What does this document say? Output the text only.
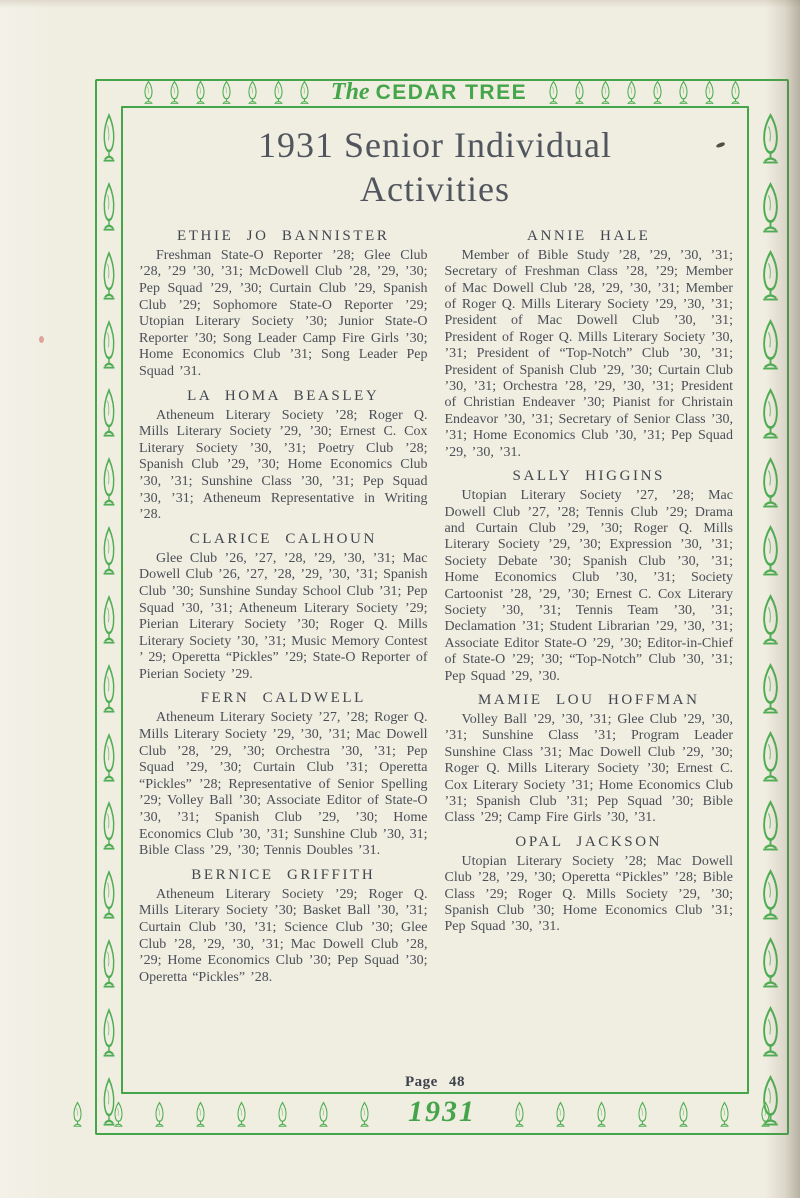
The CEDAR TREE
1931 Senior Individual
Activities
ETHIE JO BANNISTER

Freshman State-O Reporter ’28; Glee Club ’28, ’29 ’30, ’31; McDowell Club ’28, ’29, ’30; Pep Squad ’29, ’30; Curtain Club ’29, Spanish Club ’29; Sophomore State-O Reporter ’29; Utopian Literary Society ’30; Junior State-O Reporter ’30; Song Leader Camp Fire Girls ’30; Home Economics Club ’31; Song Leader Pep Squad ’31.

LA HOMA BEASLEY

Atheneum Literary Society ’28; Roger Q. Mills Literary Society ’29, ’30; Ernest C. Cox Literary Society ’30, ’31; Poetry Club ’28; Spanish Club ’29, ’30; Home Economics Club ’30, ’31; Sunshine Class ’30, ’31; Pep Squad ’30, ’31; Atheneum Representative in Writing ’28.

CLARICE CALHOUN

Glee Club ’26, ’27, ’28, ’29, ’30, ’31; Mac Dowell Club ’26, ’27, ’28, ’29, ’30, ’31; Spanish Club ’30; Sunshine Sunday School Club ’31; Pep Squad ’30, ’31; Atheneum Literary Society ’29; Pierian Literary Society ’30; Roger Q. Mills Literary Society ’30, ’31; Music Memory Contest ’ 29; Operetta “Pickles” ’29; State-O Reporter of Pierian Society ’29.

FERN CALDWELL

Atheneum Literary Society ’27, ’28; Roger Q. Mills Literary Society ’29, ’30, ’31; Mac Dowell Club ’28, ’29, ’30; Orchestra ’30, ’31; Pep Squad ’29, ’30; Curtain Club ’31; Operetta “Pickles” ’28; Representative of Senior Spelling ’29; Volley Ball ’30; Associate Editor of State-O ’30, ’31; Spanish Club ’29, ’30; Home Economics Club ’30, ’31; Sunshine Club ’30, 31; Bible Class ’29, ’30; Tennis Doubles ’31.

BERNICE GRIFFITH

Atheneum Literary Society ’29; Roger Q. Mills Literary Society ’30; Basket Ball ’30, ’31; Curtain Club ’30, ’31; Science Club ’30; Glee Club ’28, ’29, ’30, ’31; Mac Dowell Club ’28, ’29; Home Economics Club ’30; Pep Squad ’30; Operetta “Pickles” ’28.

ANNIE HALE

Member of Bible Study ’28, ’29, ’30, ’31; Secretary of Freshman Class ’28, ’29; Member of Mac Dowell Club ’28, ’29, ’30, ’31; Member of Roger Q. Mills Literary Society ’29, ’30, ’31; President of Mac Dowell Club ’30, ’31; President of Roger Q. Mills Literary Society ’30, ’31; President of “Top-Notch” Club ’30, ’31; President of Spanish Club ’29, ’30; Curtain Club ’30, ’31; Orchestra ’28, ’29, ’30, ’31; President of Christian Endeaver ’30; Pianist for Christain Endeavor ’30, ’31; Secretary of Senior Class ’30, ’31; Home Economics Club ’30, ’31; Pep Squad ’29, ’30, ’31.

SALLY HIGGINS

Utopian Literary Society ’27, ’28; Mac Dowell Club ’27, ’28; Tennis Club ’29; Drama and Curtain Club ’29, ’30; Roger Q. Mills Literary Society ’29, ’30; Expression ’30, ’31; Society Debate ’30; Spanish Club ’30, ’31; Home Economics Club ’30, ’31; Society Cartoonist ’28, ’29, ’30; Ernest C. Cox Literary Society ’30, ’31; Tennis Team ’30, ’31; Declamation ’31; Student Librarian ’29, ’30, ’31; Associate Editor State-O ’29, ’30; Editor-in-Chief of State-O ’29; ’30; “Top-Notch” Club ’30, ’31; Pep Squad ’29, ’30.

MAMIE LOU HOFFMAN

Volley Ball ’29, ’30, ’31; Glee Club ’29, ’30, ’31; Sunshine Class ’31; Program Leader Sunshine Class ’31; Mac Dowell Club ’29, ’30; Roger Q. Mills Literary Society ’30; Ernest C. Cox Literary Society ’31; Home Economics Club ’31; Spanish Club ’31; Pep Squad ’30; Bible Class ’29; Camp Fire Girls ’30, ’31.

OPAL JACKSON

Utopian Literary Society ’28; Mac Dowell Club ’28, ’29, ’30; Operetta “Pickles” ’28; Bible Class ’29; Roger Q. Mills Society ’29, ’30; Spanish Club ’30; Home Economics Club ’31; Pep Squad ’30, ’31.

Page 48
1931
